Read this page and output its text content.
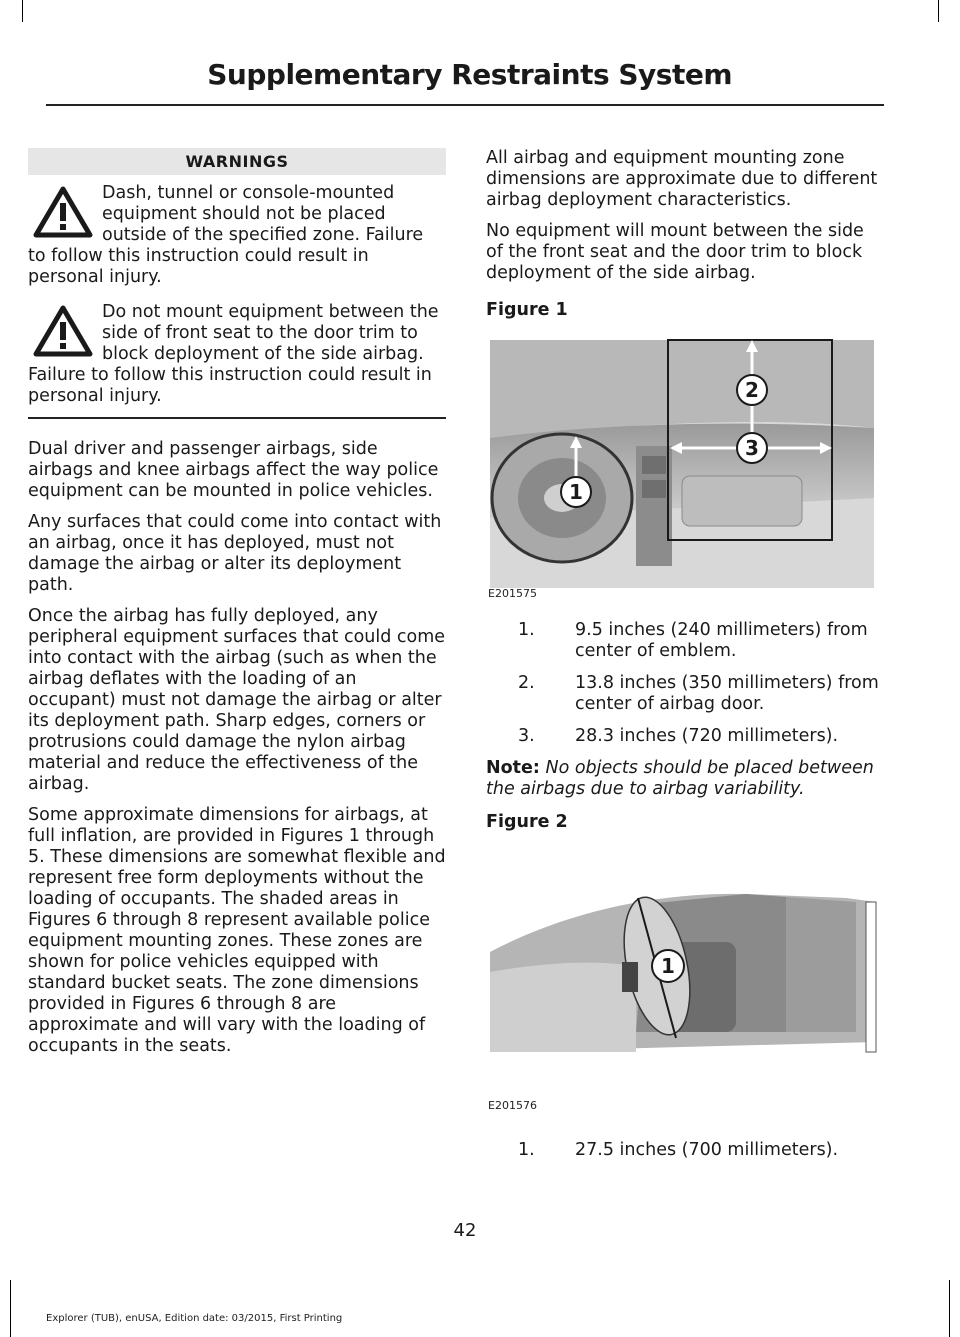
Supplementary Restraints System
WARNINGS
Dash, tunnel or console-mounted equipment should not be placed outside of the specified zone. Failure to follow this instruction could result in personal injury.
Do not mount equipment between the side of front seat to the door trim to block deployment of the side airbag. Failure to follow this instruction could result in personal injury.

Dual driver and passenger airbags, side airbags and knee airbags affect the way police equipment can be mounted in police vehicles.

Any surfaces that could come into contact with an airbag, once it has deployed, must not damage the airbag or alter its deployment path.

Once the airbag has fully deployed, any peripheral equipment surfaces that could come into contact with the airbag (such as when the airbag deflates with the loading of an occupant) must not damage the airbag or alter its deployment path. Sharp edges, corners or protrusions could damage the nylon airbag material and reduce the effectiveness of the airbag.

Some approximate dimensions for airbags, at full inflation, are provided in Figures 1 through 5. These dimensions are somewhat flexible and represent free form deployments without the loading of occupants. The shaded areas in Figures 6 through 8 represent available police equipment mounting zones. These zones are shown for police vehicles equipped with standard bucket seats. The zone dimensions provided in Figures 6 through 8 are approximate and will vary with the loading of occupants in the seats.

All airbag and equipment mounting zone dimensions are approximate due to different airbag deployment characteristics.

No equipment will mount between the side of the front seat and the door trim to block deployment of the side airbag.

Figure 1

2
3
1
E201575
1. 9.5 inches (240 millimeters) from center of emblem.
2. 13.8 inches (350 millimeters) from center of airbag door.
3. 28.3 inches (720 millimeters).
Note: No objects should be placed between the airbags due to airbag variability.

Figure 2

1
E201576
1. 27.5 inches (700 millimeters).
42
Explorer (TUB), enUSA, Edition date: 03/2015, First Printing
